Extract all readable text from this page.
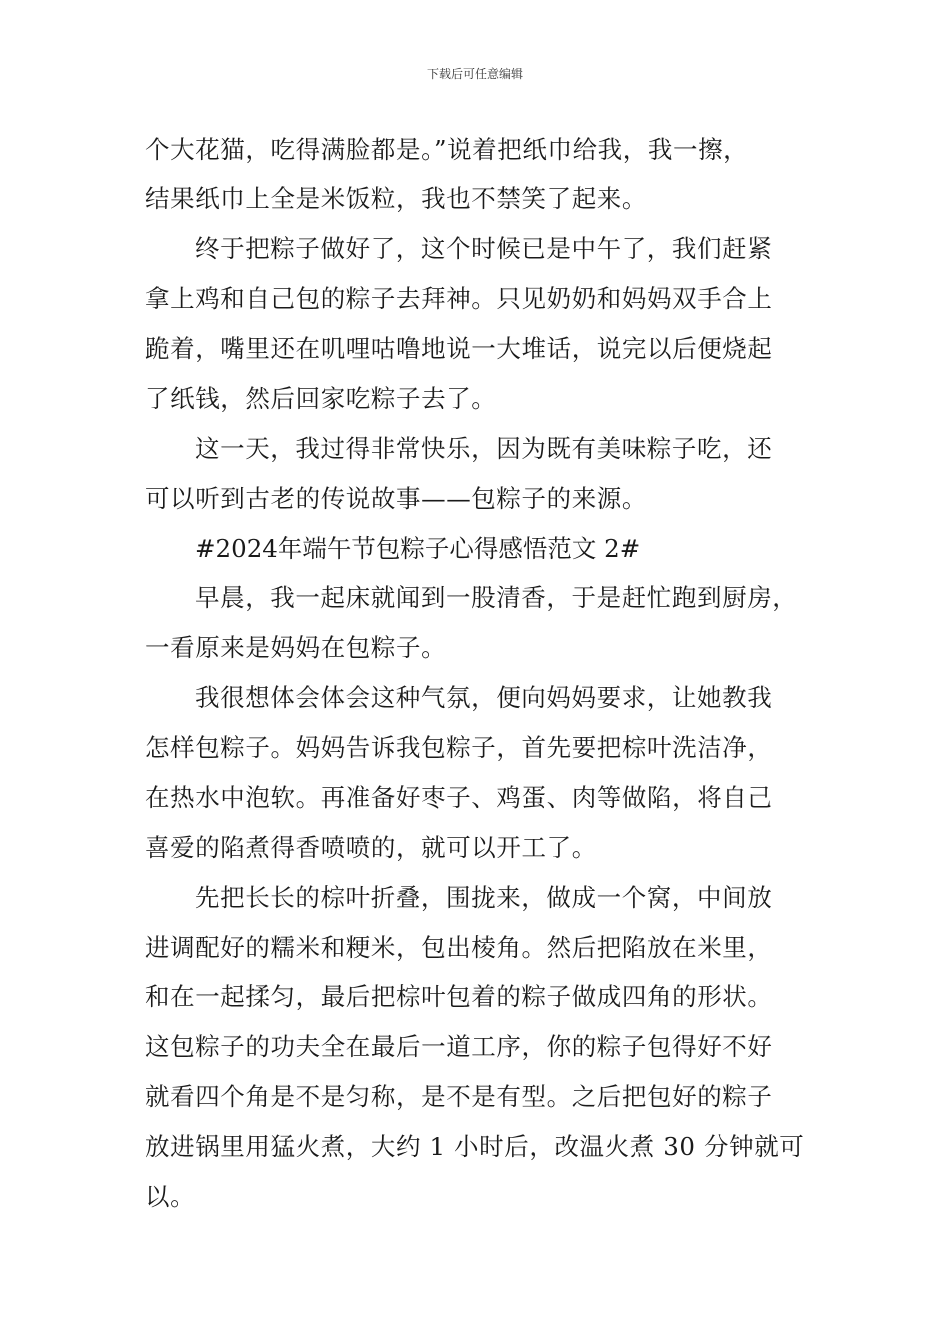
下载后可任意编辑
个大花猫，吃得满脸都是。”说着把纸巾给我，我一擦，
结果纸巾上全是米饭粒，我也不禁笑了起来。
终于把粽子做好了，这个时候已是中午了，我们赶紧
拿上鸡和自己包的粽子去拜神。只见奶奶和妈妈双手合上
跪着，嘴里还在叽哩咕噜地说一大堆话，说完以后便烧起
了纸钱，然后回家吃粽子去了。
这一天，我过得非常快乐，因为既有美味粽子吃，还
可以听到古老的传说故事——包粽子的来源。
#2024年端午节包粽子心得感悟范文 2#
早晨，我一起床就闻到一股清香，于是赶忙跑到厨房，
一看原来是妈妈在包粽子。
我很想体会体会这种气氛，便向妈妈要求，让她教我
怎样包粽子。妈妈告诉我包粽子，首先要把棕叶洗洁净，
在热水中泡软。再准备好枣子、鸡蛋、肉等做陷，将自己
喜爱的陷煮得香喷喷的，就可以开工了。
先把长长的棕叶折叠，围拢来，做成一个窝，中间放
进调配好的糯米和粳米，包出棱角。然后把陷放在米里，
和在一起揉匀，最后把棕叶包着的粽子做成四角的形状。
这包粽子的功夫全在最后一道工序，你的粽子包得好不好
就看四个角是不是匀称，是不是有型。之后把包好的粽子
放进锅里用猛火煮，大约 1 小时后，改温火煮 30 分钟就可
以。
